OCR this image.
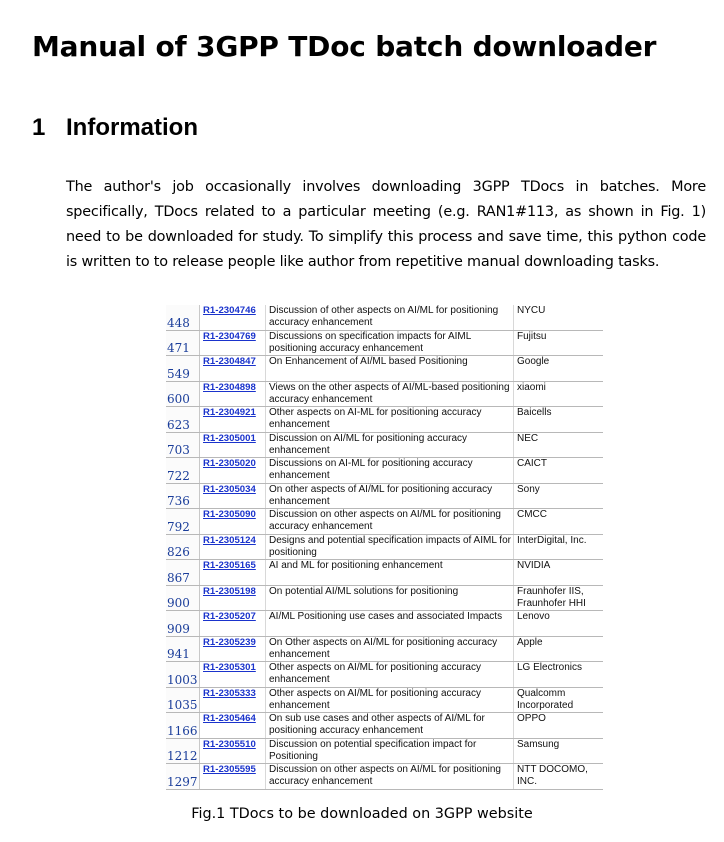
Manual of 3GPP TDoc batch downloader
1 Information

The author's job occasionally involves downloading 3GPP TDocs in batches. More specifically, TDocs related to a particular meeting (e.g. RAN1#113, as shown in Fig. 1) need to be downloaded for study. To simplify this process and save time, this python code is written to to release people like author from repetitive manual downloading tasks.

448	R1-2304746	Discussion of other aspects on AI/ML for positioning accuracy enhancement	NYCU
471	R1-2304769	Discussions on specification impacts for AIML positioning accuracy enhancement	Fujitsu
549	R1-2304847	On Enhancement of AI/ML based Positioning	Google
600	R1-2304898	Views on the other aspects of AI/ML-based positioning accuracy enhancement	xiaomi
623	R1-2304921	Other aspects on AI-ML for positioning accuracy enhancement	Baicells
703	R1-2305001	Discussion on AI/ML for positioning accuracy enhancement	NEC
722	R1-2305020	Discussions on AI-ML for positioning accuracy enhancement	CAICT
736	R1-2305034	On other aspects of AI/ML for positioning accuracy enhancement	Sony
792	R1-2305090	Discussion on other aspects on AI/ML for positioning accuracy enhancement	CMCC
826	R1-2305124	Designs and potential specification impacts of AIML for positioning	InterDigital, Inc.
867	R1-2305165	AI and ML for positioning enhancement	NVIDIA
900	R1-2305198	On potential AI/ML solutions for positioning	Fraunhofer IIS, Fraunhofer HHI
909	R1-2305207	AI/ML Positioning use cases and associated Impacts	Lenovo
941	R1-2305239	On Other aspects on AI/ML for positioning accuracy enhancement	Apple
1003	R1-2305301	Other aspects on AI/ML for positioning accuracy enhancement	LG Electronics
1035	R1-2305333	Other aspects on AI/ML for positioning accuracy enhancement	Qualcomm Incorporated
1166	R1-2305464	On sub use cases and other aspects of AI/ML for positioning accuracy enhancement	OPPO
1212	R1-2305510	Discussion on potential specification impact for Positioning	Samsung
1297	R1-2305595	Discussion on other aspects on AI/ML for positioning accuracy enhancement	NTT DOCOMO, INC.

Fig.1 TDocs to be downloaded on 3GPP website
